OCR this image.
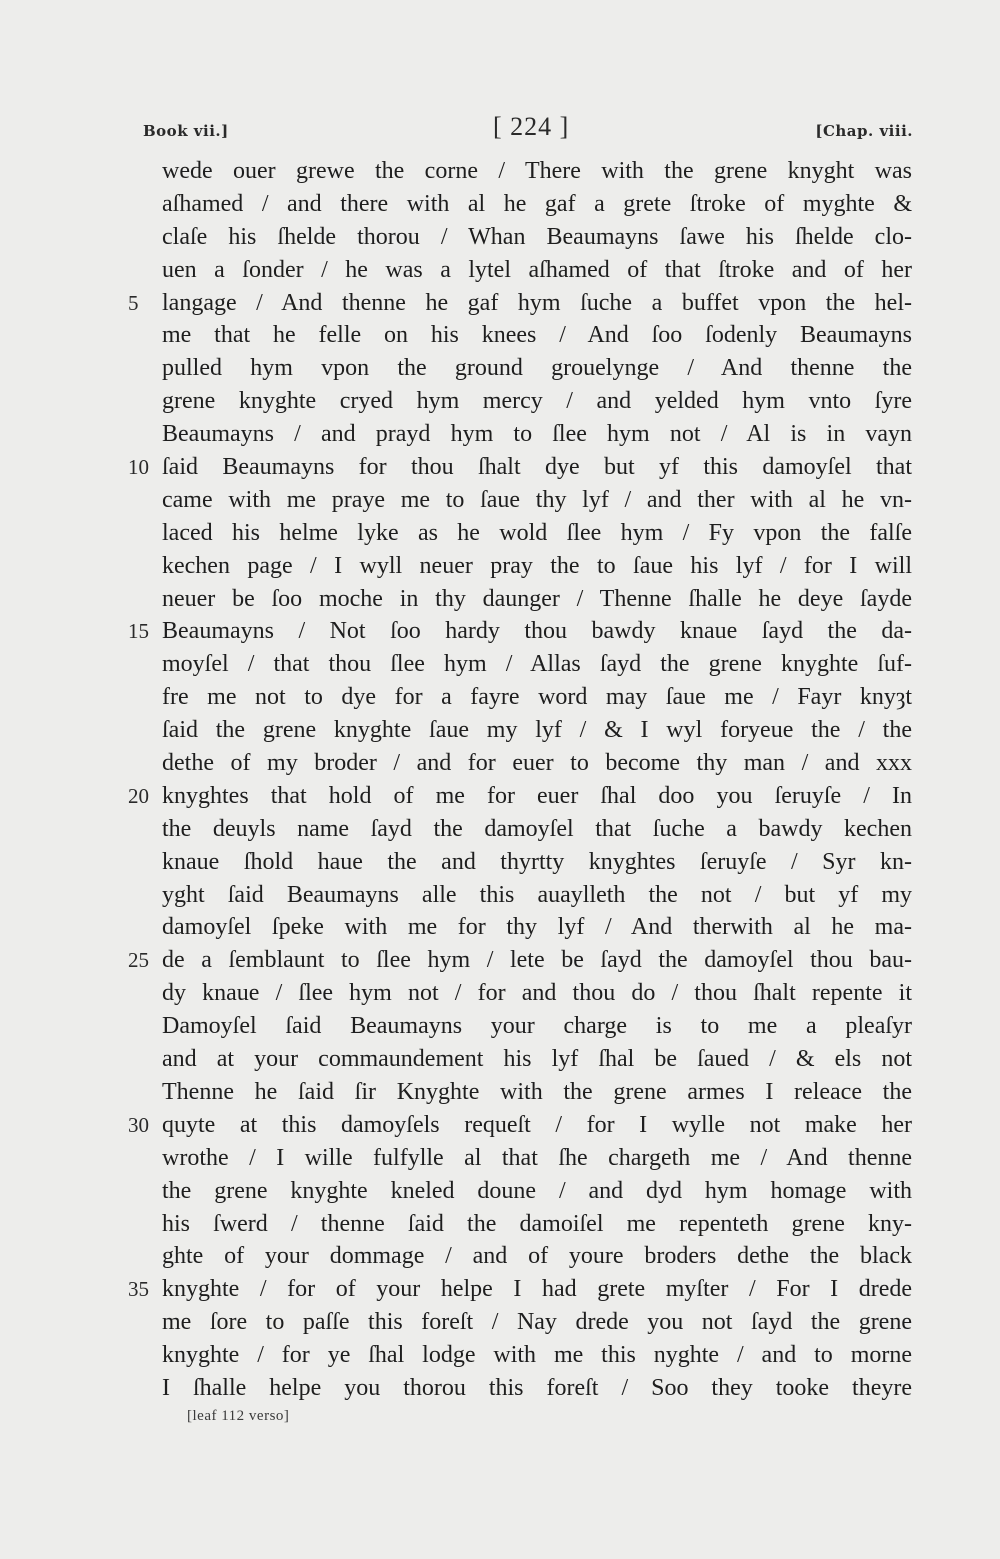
Book vii.]	[ 224 ]	[Chap. viii.
wede ouer grewe the corne / There with the grene knyght was
aſhamed / and there with al he gaf a grete ſtroke of myghte &
claſe his ſhelde thorou / Whan Beaumayns ſawe his ſhelde clo-
uen a ſonder / he was a lytel aſhamed of that ſtroke and of her
5 langage / And thenne he gaf hym ſuche a buffet vpon the hel-
me that he felle on his knees / And ſoo ſodenly Beaumayns
pulled hym vpon the ground grouelynge / And thenne the
grene knyghte cryed hym mercy / and yelded hym vnto ſyre
Beaumayns / and prayd hym to ſlee hym not / Al is in vayn
10 ſaid Beaumayns for thou ſhalt dye but yf this damoyſel that
came with me praye me to ſaue thy lyf / and ther with al he vn-
laced his helme lyke as he wold ſlee hym / Fy vpon the falſe
kechen page / I wyll neuer pray the to ſaue his lyf / for I will
neuer be ſoo moche in thy daunger / Thenne ſhalle he deye ſayde
15 Beaumayns / Not ſoo hardy thou bawdy knaue ſayd the da-
moyſel / that thou ſlee hym / Allas ſayd the grene knyghte ſuf-
fre me not to dye for a fayre word may ſaue me / Fayr knyȝt
ſaid the grene knyghte ſaue my lyf / & I wyl foryeue the / the
dethe of my broder / and for euer to become thy man / and xxx
20 knyghtes that hold of me for euer ſhal doo you ſeruyſe / In
the deuyls name ſayd the damoyſel that ſuche a bawdy kechen
knaue ſhold haue the and thyrtty knyghtes ſeruyſe / Syr kn-
yght ſaid Beaumayns alle this auaylleth the not / but yf my
damoyſel ſpeke with me for thy lyf / And therwith al he ma-
25 de a ſemblaunt to ſlee hym / lete be ſayd the damoyſel thou bau-
dy knaue / ſlee hym not / for and thou do / thou ſhalt repente it
Damoyſel ſaid Beaumayns your charge is to me a pleaſyr
and at your commaundement his lyf ſhal be ſaued / & els not
Thenne he ſaid ſir Knyghte with the grene armes I releace the
30 quyte at this damoyſels requeſt / for I wylle not make her
wrothe / I wille fulfylle al that ſhe chargeth me / And thenne
the grene knyghte kneled doune / and dyd hym homage with
his ſwerd / thenne ſaid the damoiſel me repenteth grene kny-
ghte of your dommage / and of youre broders dethe the black
35 knyghte / for of your helpe I had grete myſter / For I drede
me ſore to paſſe this foreſt / Nay drede you not ſayd the grene
knyghte / for ye ſhal lodge with me this nyghte / and to morne
I ſhalle helpe you thorou this foreſt / Soo they tooke theyre
[leaf 112 verso]
